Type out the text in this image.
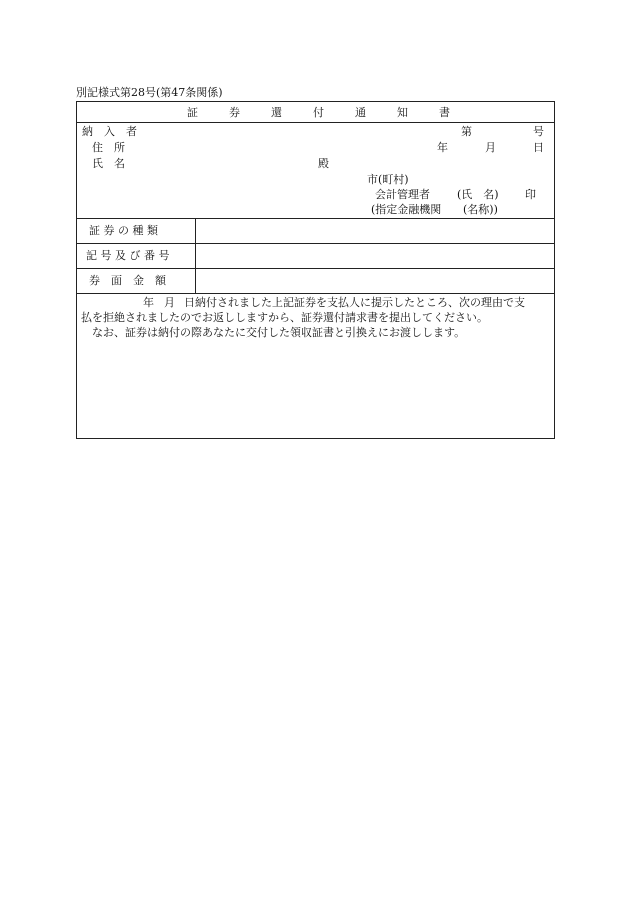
別記様式第28号(第47条関係)
証	券	還	付	通	知	書
納　入　者
住　所
氏　名	殿
第	号
年	月	日
市(町村)
会計管理者 (氏　名) 印
(指定金融機関 (名称))
証 券 の 種 類
記 号 及 び 番 号
券　面　金　額
年 月 日納付されました上記証券を支払人に提示したところ、次の理由で支
払を拒絶されましたのでお返ししますから、証券還付請求書を提出してください。
なお、証券は納付の際あなたに交付した領収証書と引換えにお渡しします。
